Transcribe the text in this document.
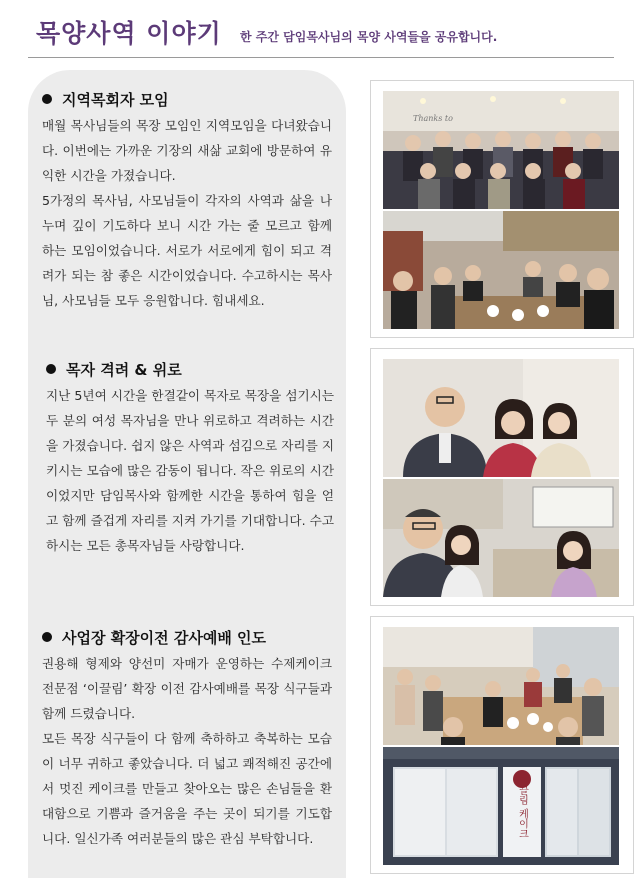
목양사역 이야기 한 주간 담임목사님의 목양 사역들을 공유합니다.
지역목회자 모임

매월 목사님들의 목장 모임인 지역모임을 다녀왔습니다. 이번에는 가까운 기장의 새삶 교회에 방문하여 유익한 시간을 가졌습니다.

5가정의 목사님, 사모님들이 각자의 사역과 삶을 나누며 깊이 기도하다 보니 시간 가는 줄 모르고 함께 하는 모임이었습니다. 서로가 서로에게 힘이 되고 격려가 되는 참 좋은 시간이었습니다. 수고하시는 목사님, 사모님들 모두 응원합니다. 힘내세요.

목자 격려 & 위로

지난 5년여 시간을 한결같이 목자로 목장을 섬기시는 두 분의 여성 목자님을 만나 위로하고 격려하는 시간을 가졌습니다. 쉽지 않은 사역과 섬김으로 자리를 지키시는 모습에 많은 감동이 됩니다. 작은 위로의 시간이었지만 담임목사와 함께한 시간을 통하여 힘을 얻고 함께 즐겁게 자리를 지켜 가기를 기대합니다. 수고하시는 모든 총목자님들 사랑합니다.

사업장 확장이전 감사예배 인도

권용해 형제와 양선미 자매가 운영하는 수제케이크 전문점 ‘이끌림’ 확장 이전 감사예배를 목장 식구들과 함께 드렸습니다.

모든 목장 식구들이 다 함께 축하하고 축복하는 모습이 너무 귀하고 좋았습니다. 더 넓고 쾌적해진 공간에서 멋진 케이크를 만들고 찾아오는 많은 손님들을 환대함으로 기쁨과 즐거움을 주는 곳이 되기를 기도합니다. 일신가족 여러분들의 많은 관심 부탁합니다.

Thanks to
이끌림 케이크
